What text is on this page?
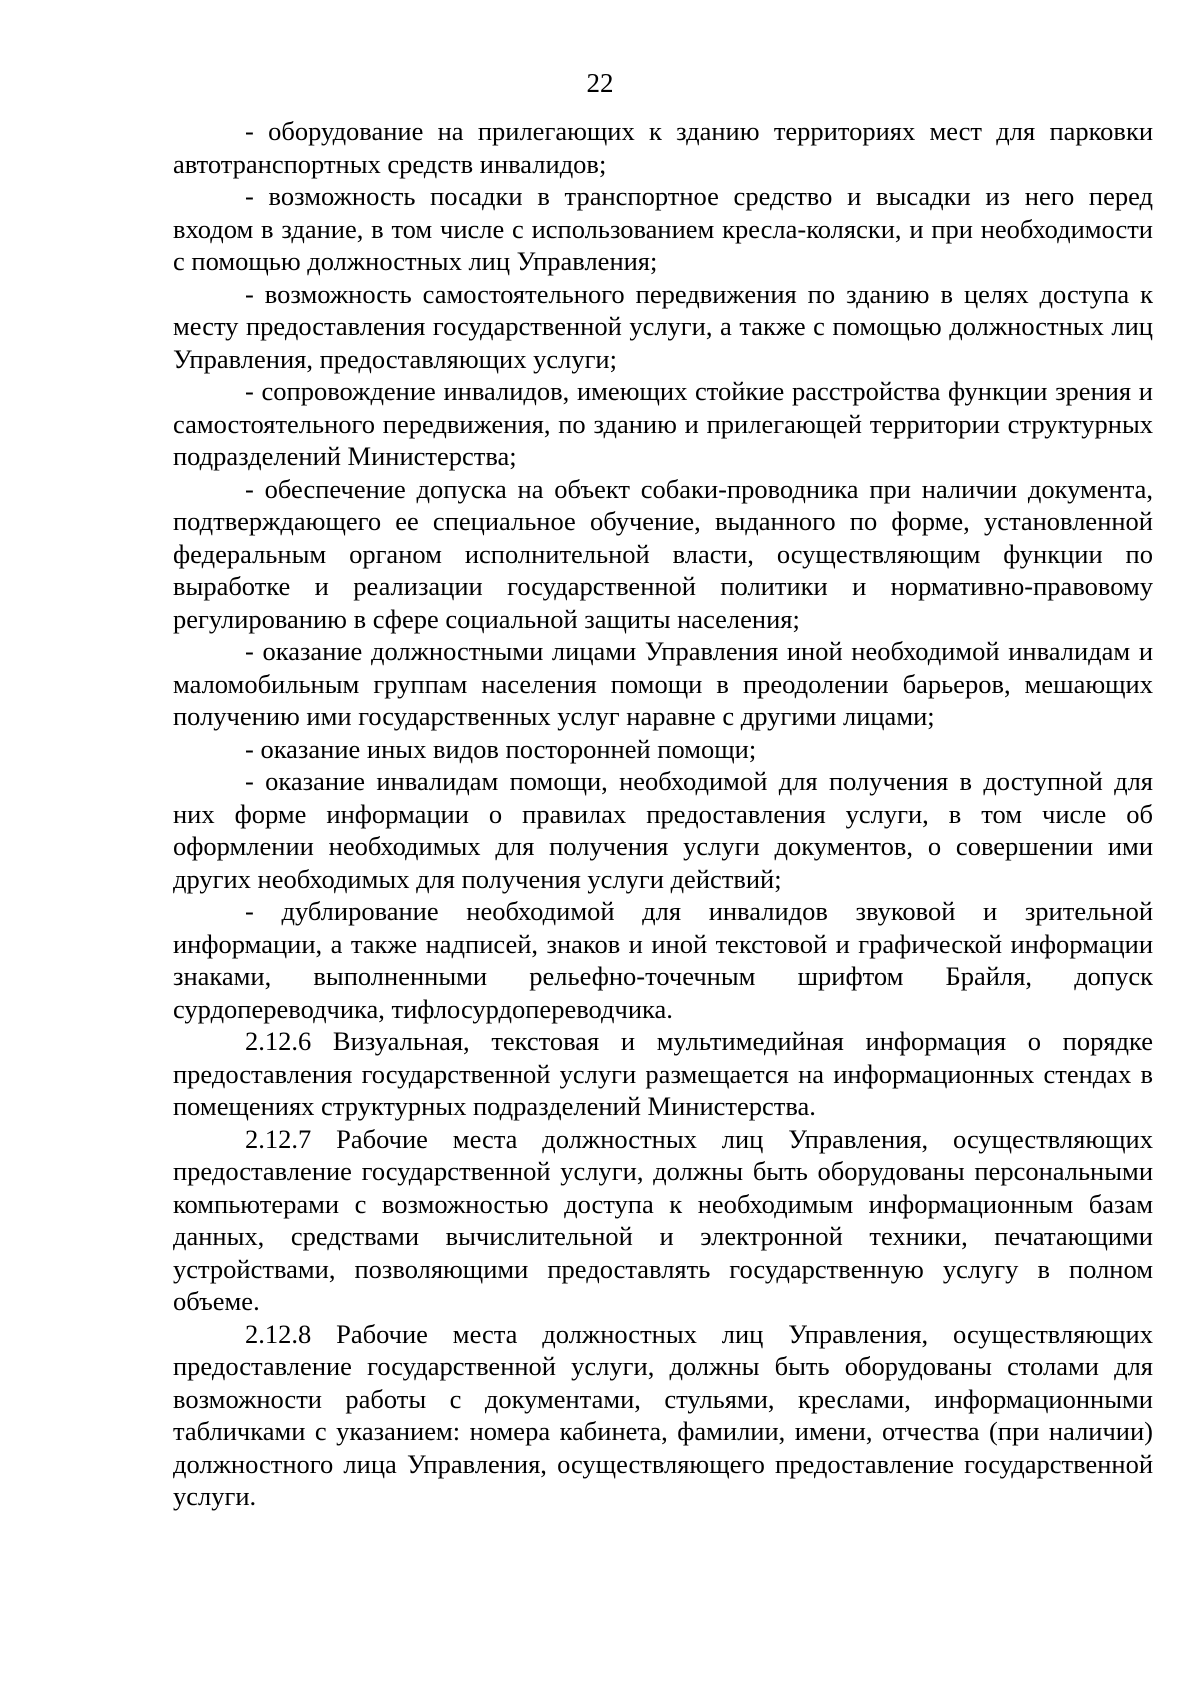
22

- оборудование на прилегающих к зданию территориях мест для парковки автотранспортных средств инвалидов;

- возможность посадки в транспортное средство и высадки из него перед входом в здание, в том числе с использованием кресла-коляски, и при необходимости с помощью должностных лиц Управления;

- возможность самостоятельного передвижения по зданию в целях доступа к месту предоставления государственной услуги, а также с помощью должностных лиц Управления, предоставляющих услуги;

- сопровождение инвалидов, имеющих стойкие расстройства функции зрения и самостоятельного передвижения, по зданию и прилегающей территории структурных подразделений Министерства;

- обеспечение допуска на объект собаки-проводника при наличии документа, подтверждающего ее специальное обучение, выданного по форме, установленной федеральным органом исполнительной власти, осуществляющим функции по выработке и реализации государственной политики и нормативно-правовому регулированию в сфере социальной защиты населения;

- оказание должностными лицами Управления иной необходимой инвалидам и маломобильным группам населения помощи в преодолении барьеров, мешающих получению ими государственных услуг наравне с другими лицами;

- оказание иных видов посторонней помощи;

- оказание инвалидам помощи, необходимой для получения в доступной для них форме информации о правилах предоставления услуги, в том числе об оформлении необходимых для получения услуги документов, о совершении ими других необходимых для получения услуги действий;

- дублирование необходимой для инвалидов звуковой и зрительной информации, а также надписей, знаков и иной текстовой и графической информации знаками, выполненными рельефно-точечным шрифтом Брайля, допуск сурдопереводчика, тифлосурдопереводчика.

2.12.6 Визуальная, текстовая и мультимедийная информация о порядке предоставления государственной услуги размещается на информационных стендах в помещениях структурных подразделений Министерства.

2.12.7 Рабочие места должностных лиц Управления, осуществляющих предоставление государственной услуги, должны быть оборудованы персональными компьютерами с возможностью доступа к необходимым информационным базам данных, средствами вычислительной и электронной техники, печатающими устройствами, позволяющими предоставлять государственную услугу в полном объеме.

2.12.8 Рабочие места должностных лиц Управления, осуществляющих предоставление государственной услуги, должны быть оборудованы столами для возможности работы с документами, стульями, креслами, информационными табличками с указанием: номера кабинета, фамилии, имени, отчества (при наличии) должностного лица Управления, осуществляющего предоставление государственной услуги.
